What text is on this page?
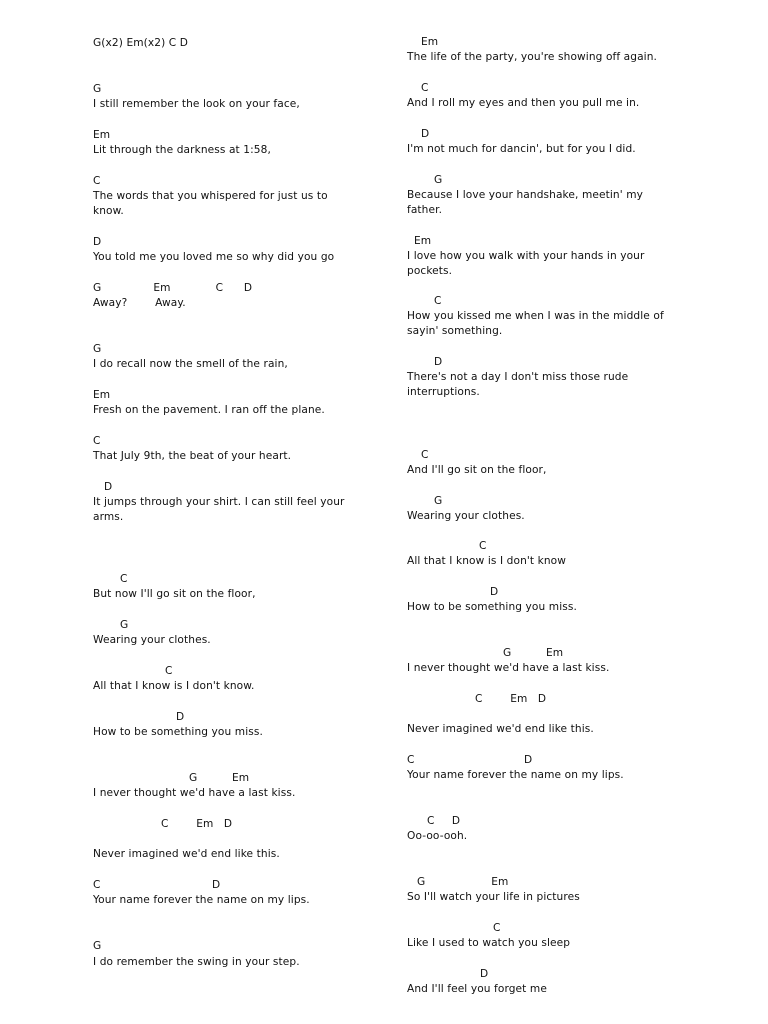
G(x2) Em(x2) C D
G
I still remember the look on your face,
Em
Lit through the darkness at 1:58,
C
The words that you whispered for just us to
know.
D
You told me you loved me so why did you go
G               Em             C      D
Away?        Away.
G
I do recall now the smell of the rain,
Em
Fresh on the pavement. I ran off the plane.
C
That July 9th, the beat of your heart.
D
It jumps through your shirt. I can still feel your
arms.
C
But now I'll go sit on the floor,
G
Wearing your clothes.
C
All that I know is I don't know.
D
How to be something you miss.
G          Em
I never thought we'd have a last kiss.
C        Em   D
Never imagined we'd end like this.
C	D
Your name forever the name on my lips.
G
I do remember the swing in your step.
Em
The life of the party, you're showing off again.
C
And I roll my eyes and then you pull me in.
D
I'm not much for dancin', but for you I did.
G
Because I love your handshake, meetin' my
father.
Em
I love how you walk with your hands in your
pockets.
C
How you kissed me when I was in the middle of
sayin' something.
D
There's not a day I don't miss those rude
interruptions.
C
And I'll go sit on the floor,
G
Wearing your clothes.
C
All that I know is I don't know
D
How to be something you miss.
G          Em
I never thought we'd have a last kiss.
C        Em   D
Never imagined we'd end like this.
C	D
Your name forever the name on my lips.
C     D
Oo-oo-ooh.
G                   Em
So I'll watch your life in pictures
C
Like I used to watch you sleep
D
And I'll feel you forget me
